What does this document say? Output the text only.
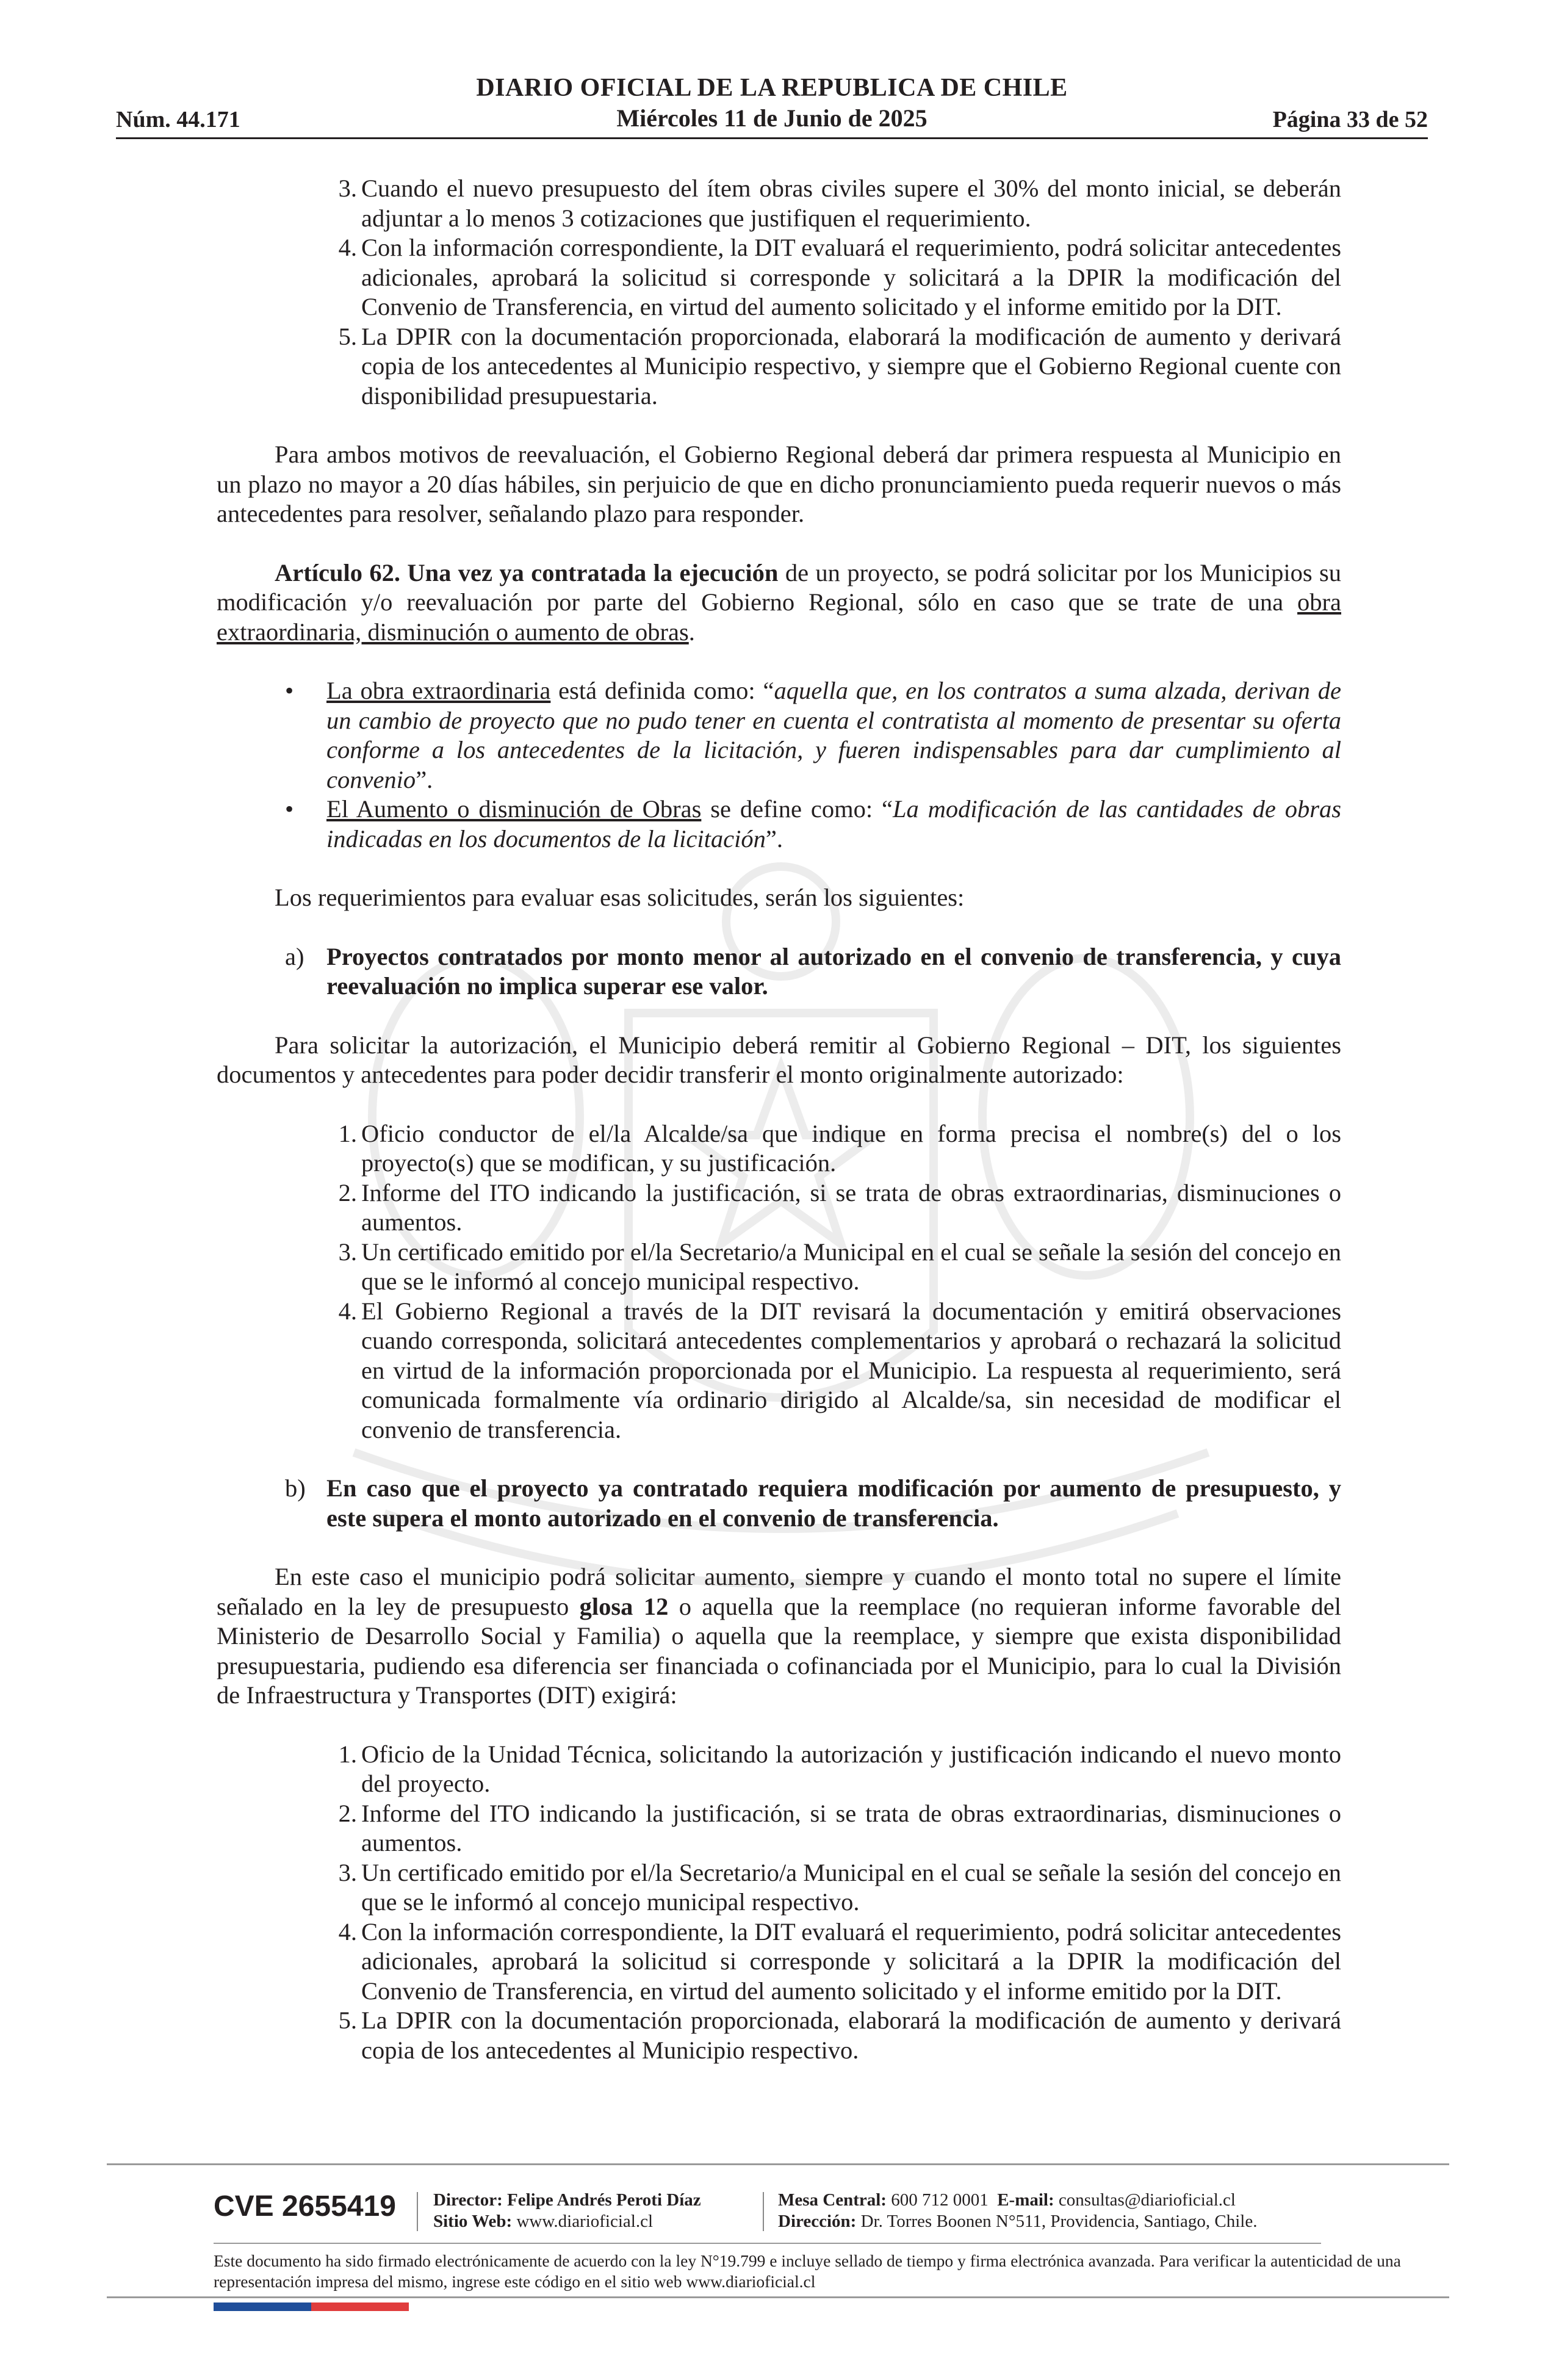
DIARIO OFICIAL DE LA REPUBLICA DE CHILE
Núm. 44.171	Miércoles 11 de Junio de 2025	Página 33 de 52
3. Cuando el nuevo presupuesto del ítem obras civiles supere el 30% del monto inicial, se deberán adjuntar a lo menos 3 cotizaciones que justifiquen el requerimiento.
4. Con la información correspondiente, la DIT evaluará el requerimiento, podrá solicitar antecedentes adicionales, aprobará la solicitud si corresponde y solicitará a la DPIR la modificación del Convenio de Transferencia, en virtud del aumento solicitado y el informe emitido por la DIT.
5. La DPIR con la documentación proporcionada, elaborará la modificación de aumento y derivará copia de los antecedentes al Municipio respectivo, y siempre que el Gobierno Regional cuente con disponibilidad presupuestaria.

Para ambos motivos de reevaluación, el Gobierno Regional deberá dar primera respuesta al Municipio en un plazo no mayor a 20 días hábiles, sin perjuicio de que en dicho pronunciamiento pueda requerir nuevos o más antecedentes para resolver, señalando plazo para responder.

Artículo 62. Una vez ya contratada la ejecución de un proyecto, se podrá solicitar por los Municipios su modificación y/o reevaluación por parte del Gobierno Regional, sólo en caso que se trate de una obra extraordinaria, disminución o aumento de obras.

• La obra extraordinaria está definida como: “aquella que, en los contratos a suma alzada, derivan de un cambio de proyecto que no pudo tener en cuenta el contratista al momento de presentar su oferta conforme a los antecedentes de la licitación, y fueren indispensables para dar cumplimiento al convenio”.
• El Aumento o disminución de Obras se define como: “La modificación de las cantidades de obras indicadas en los documentos de la licitación”.

Los requerimientos para evaluar esas solicitudes, serán los siguientes:

a) Proyectos contratados por monto menor al autorizado en el convenio de transferencia, y cuya reevaluación no implica superar ese valor.

Para solicitar la autorización, el Municipio deberá remitir al Gobierno Regional – DIT, los siguientes documentos y antecedentes para poder decidir transferir el monto originalmente autorizado:

1. Oficio conductor de el/la Alcalde/sa que indique en forma precisa el nombre(s) del o los proyecto(s) que se modifican, y su justificación.
2. Informe del ITO indicando la justificación, si se trata de obras extraordinarias, disminuciones o aumentos.
3. Un certificado emitido por el/la Secretario/a Municipal en el cual se señale la sesión del concejo en que se le informó al concejo municipal respectivo.
4. El Gobierno Regional a través de la DIT revisará la documentación y emitirá observaciones cuando corresponda, solicitará antecedentes complementarios y aprobará o rechazará la solicitud en virtud de la información proporcionada por el Municipio. La respuesta al requerimiento, será comunicada formalmente vía ordinario dirigido al Alcalde/sa, sin necesidad de modificar el convenio de transferencia.
b) En caso que el proyecto ya contratado requiera modificación por aumento de presupuesto, y este supera el monto autorizado en el convenio de transferencia.

En este caso el municipio podrá solicitar aumento, siempre y cuando el monto total no supere el límite señalado en la ley de presupuesto glosa 12 o aquella que la reemplace (no requieran informe favorable del Ministerio de Desarrollo Social y Familia) o aquella que la reemplace, y siempre que exista disponibilidad presupuestaria, pudiendo esa diferencia ser financiada o cofinanciada por el Municipio, para lo cual la División de Infraestructura y Transportes (DIT) exigirá:

1. Oficio de la Unidad Técnica, solicitando la autorización y justificación indicando el nuevo monto del proyecto.
2. Informe del ITO indicando la justificación, si se trata de obras extraordinarias, disminuciones o aumentos.
3. Un certificado emitido por el/la Secretario/a Municipal en el cual se señale la sesión del concejo en que se le informó al concejo municipal respectivo.
4. Con la información correspondiente, la DIT evaluará el requerimiento, podrá solicitar antecedentes adicionales, aprobará la solicitud si corresponde y solicitará a la DPIR la modificación del Convenio de Transferencia, en virtud del aumento solicitado y el informe emitido por la DIT.
5. La DPIR con la documentación proporcionada, elaborará la modificación de aumento y derivará copia de los antecedentes al Municipio respectivo.
CVE 2655419 Director: Felipe Andrés Peroti Díaz
Sitio Web: www.diarioficial.cl
Mesa Central: 600 712 0001 E-mail: consultas@diarioficial.cl
Dirección: Dr. Torres Boonen N°511, Providencia, Santiago, Chile.
Este documento ha sido firmado electrónicamente de acuerdo con la ley N°19.799 e incluye sellado de tiempo y firma electrónica avanzada. Para verificar la autenticidad de una representación impresa del mismo, ingrese este código en el sitio web www.diarioficial.cl
